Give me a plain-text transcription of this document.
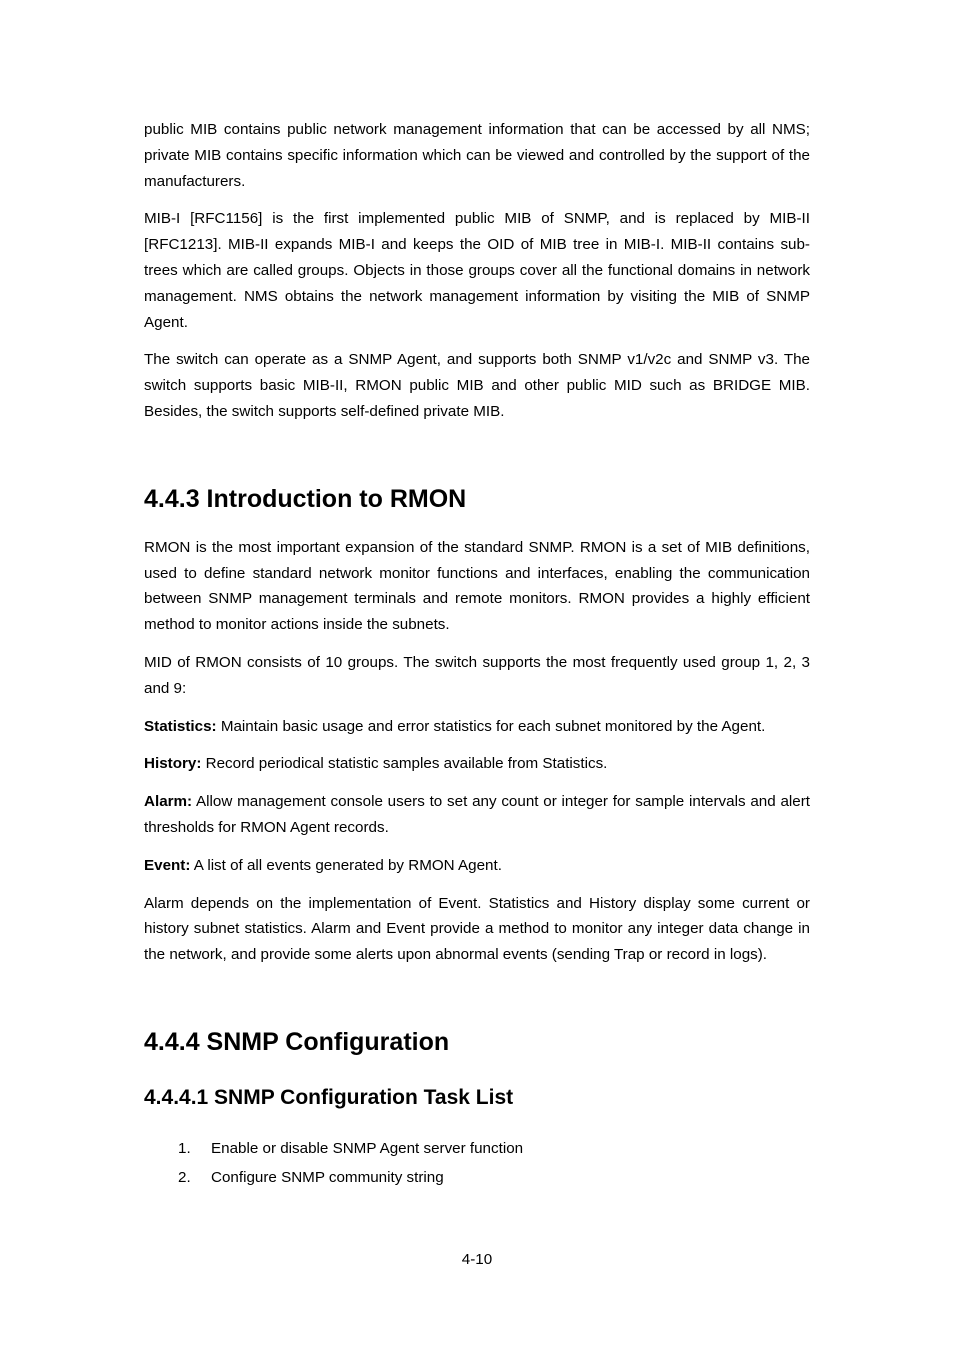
public MIB contains public network management information that can be accessed by all NMS; private MIB contains specific information which can be viewed and controlled by the support of the manufacturers.

MIB-I [RFC1156] is the first implemented public MIB of SNMP, and is replaced by MIB-II [RFC1213]. MIB-II expands MIB-I and keeps the OID of MIB tree in MIB-I. MIB-II contains sub-trees which are called groups. Objects in those groups cover all the functional domains in network management. NMS obtains the network management information by visiting the MIB of SNMP Agent.

The switch can operate as a SNMP Agent, and supports both SNMP v1/v2c and SNMP v3. The switch supports basic MIB-II, RMON public MIB and other public MID such as BRIDGE MIB. Besides, the switch supports self-defined private MIB.

4.4.3 Introduction to RMON

RMON is the most important expansion of the standard SNMP. RMON is a set of MIB definitions, used to define standard network monitor functions and interfaces, enabling the communication between SNMP management terminals and remote monitors. RMON provides a highly efficient method to monitor actions inside the subnets.

MID of RMON consists of 10 groups. The switch supports the most frequently used group 1, 2, 3 and 9:

Statistics: Maintain basic usage and error statistics for each subnet monitored by the Agent.

History: Record periodical statistic samples available from Statistics.

Alarm: Allow management console users to set any count or integer for sample intervals and alert thresholds for RMON Agent records.

Event: A list of all events generated by RMON Agent.

Alarm depends on the implementation of Event. Statistics and History display some current or history subnet statistics. Alarm and Event provide a method to monitor any integer data change in the network, and provide some alerts upon abnormal events (sending Trap or record in logs).

4.4.4 SNMP Configuration
4.4.4.1 SNMP Configuration Task List
1. Enable or disable SNMP Agent server function
2. Configure SNMP community string
4-10
